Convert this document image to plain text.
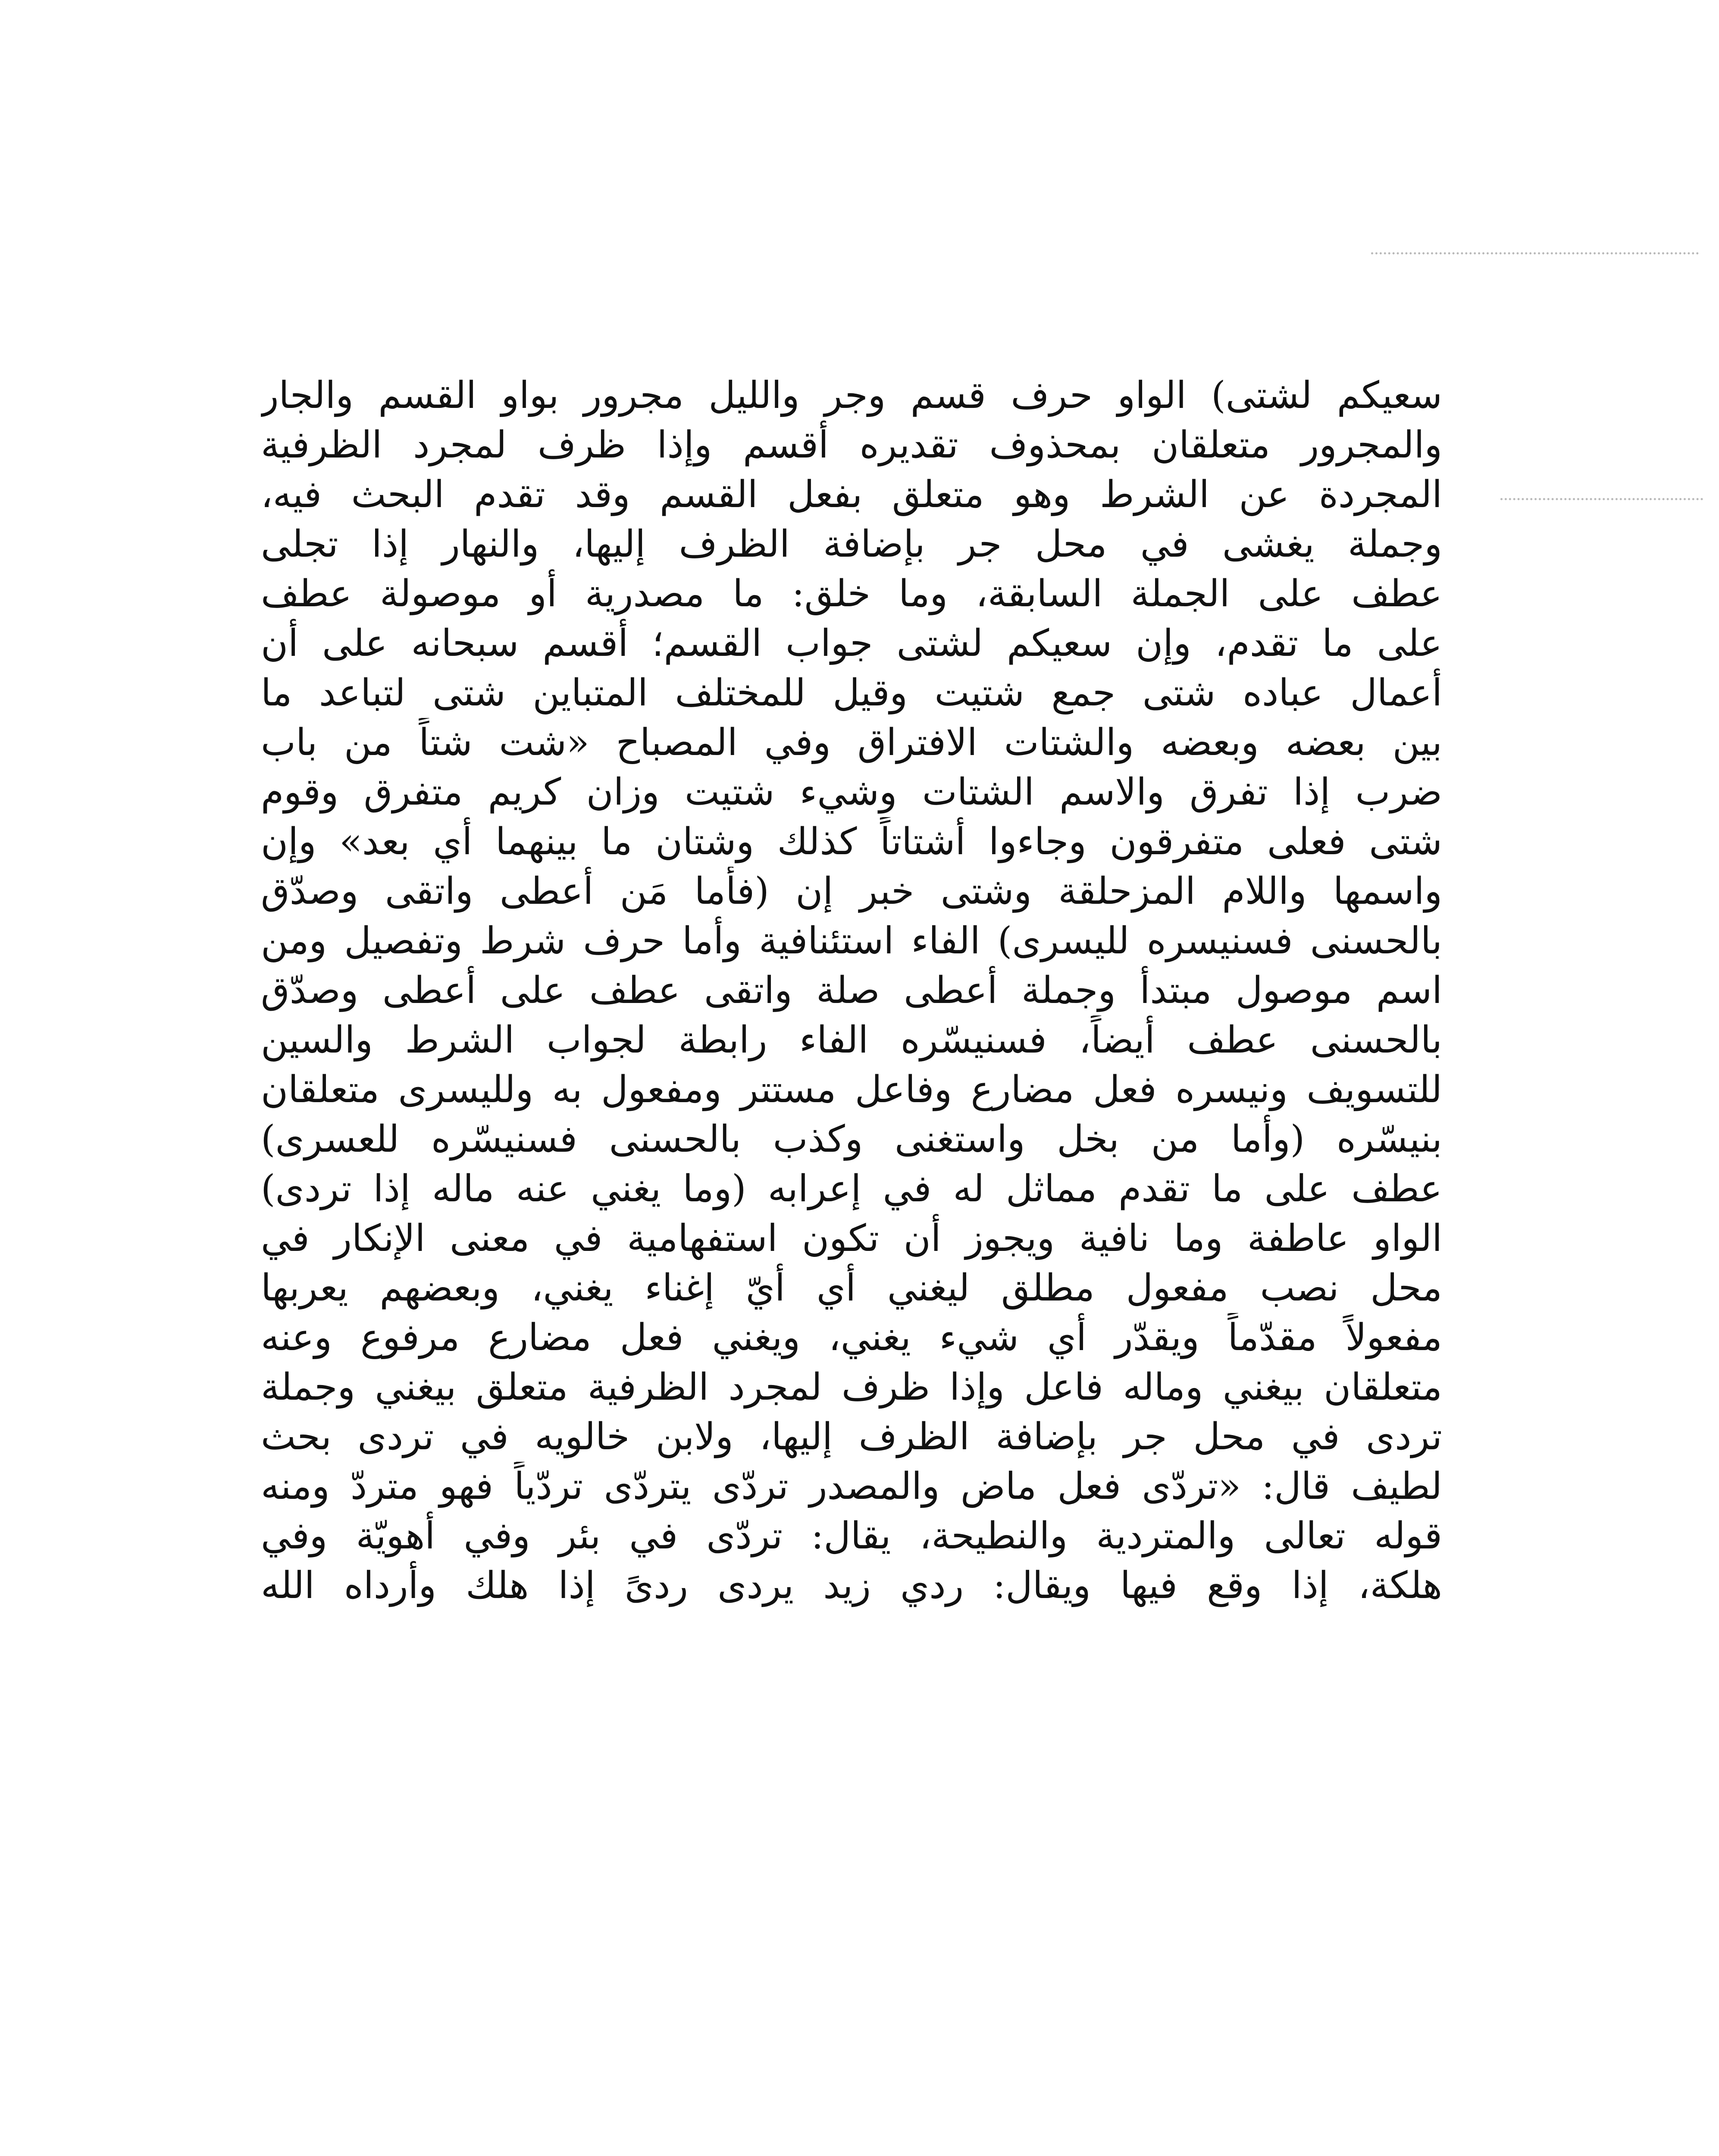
سعيكم لشتى) الواو حرف قسم وجر والليل مجرور بواو القسم والجار
والمجرور متعلقان بمحذوف تقديره أقسم وإذا ظرف لمجرد الظرفية
المجردة عن الشرط وهو متعلق بفعل القسم وقد تقدم البحث فيه،
وجملة يغشى في محل جر بإضافة الظرف إليها، والنهار إذا تجلى
عطف على الجملة السابقة، وما خلق: ما مصدرية أو موصولة عطف
على ما تقدم، وإن سعيكم لشتى جواب القسم؛ أقسم سبحانه على أن
أعمال عباده شتى جمع شتيت وقيل للمختلف المتباين شتى لتباعد ما
بين بعضه وبعضه والشتات الافتراق وفي المصباح «شت شتاً من باب
ضرب إذا تفرق والاسم الشتات وشيء شتيت وزان كريم متفرق وقوم
شتى فعلى متفرقون وجاءوا أشتاتاً كذلك وشتان ما بينهما أي بعد» وإن
واسمها واللام المزحلقة وشتى خبر إن (فأما مَن أعطى واتقى وصدّق
بالحسنى فسنيسره لليسرى) الفاء استئنافية وأما حرف شرط وتفصيل ومن
اسم موصول مبتدأ وجملة أعطى صلة واتقى عطف على أعطى وصدّق
بالحسنى عطف أيضاً، فسنيسّره الفاء رابطة لجواب الشرط والسين
للتسويف ونيسره فعل مضارع وفاعل مستتر ومفعول به ولليسرى متعلقان
بنيسّره (وأما من بخل واستغنى وكذب بالحسنى فسنيسّره للعسرى)
عطف على ما تقدم مماثل له في إعرابه (وما يغني عنه ماله إذا تردى)
الواو عاطفة وما نافية ويجوز أن تكون استفهامية في معنى الإنكار في
محل نصب مفعول مطلق ليغني أي أيّ إغناء يغني، وبعضهم يعربها
مفعولاً مقدّماً ويقدّر أي شيء يغني، ويغني فعل مضارع مرفوع وعنه
متعلقان بيغني وماله فاعل وإذا ظرف لمجرد الظرفية متعلق بيغني وجملة
تردى في محل جر بإضافة الظرف إليها، ولابن خالويه في تردى بحث
لطيف قال: «تردّى فعل ماضٍ والمصدر تردّى يتردّى تردّياً فهو متردّ ومنه
قوله تعالى والمتردية والنطيحة، يقال: تردّى في بئر وفي أهويّة وفي
هلكة، إذا وقع فيها ويقال: ردي زيد يردى ردىً إذا هلك وأرداه الله
